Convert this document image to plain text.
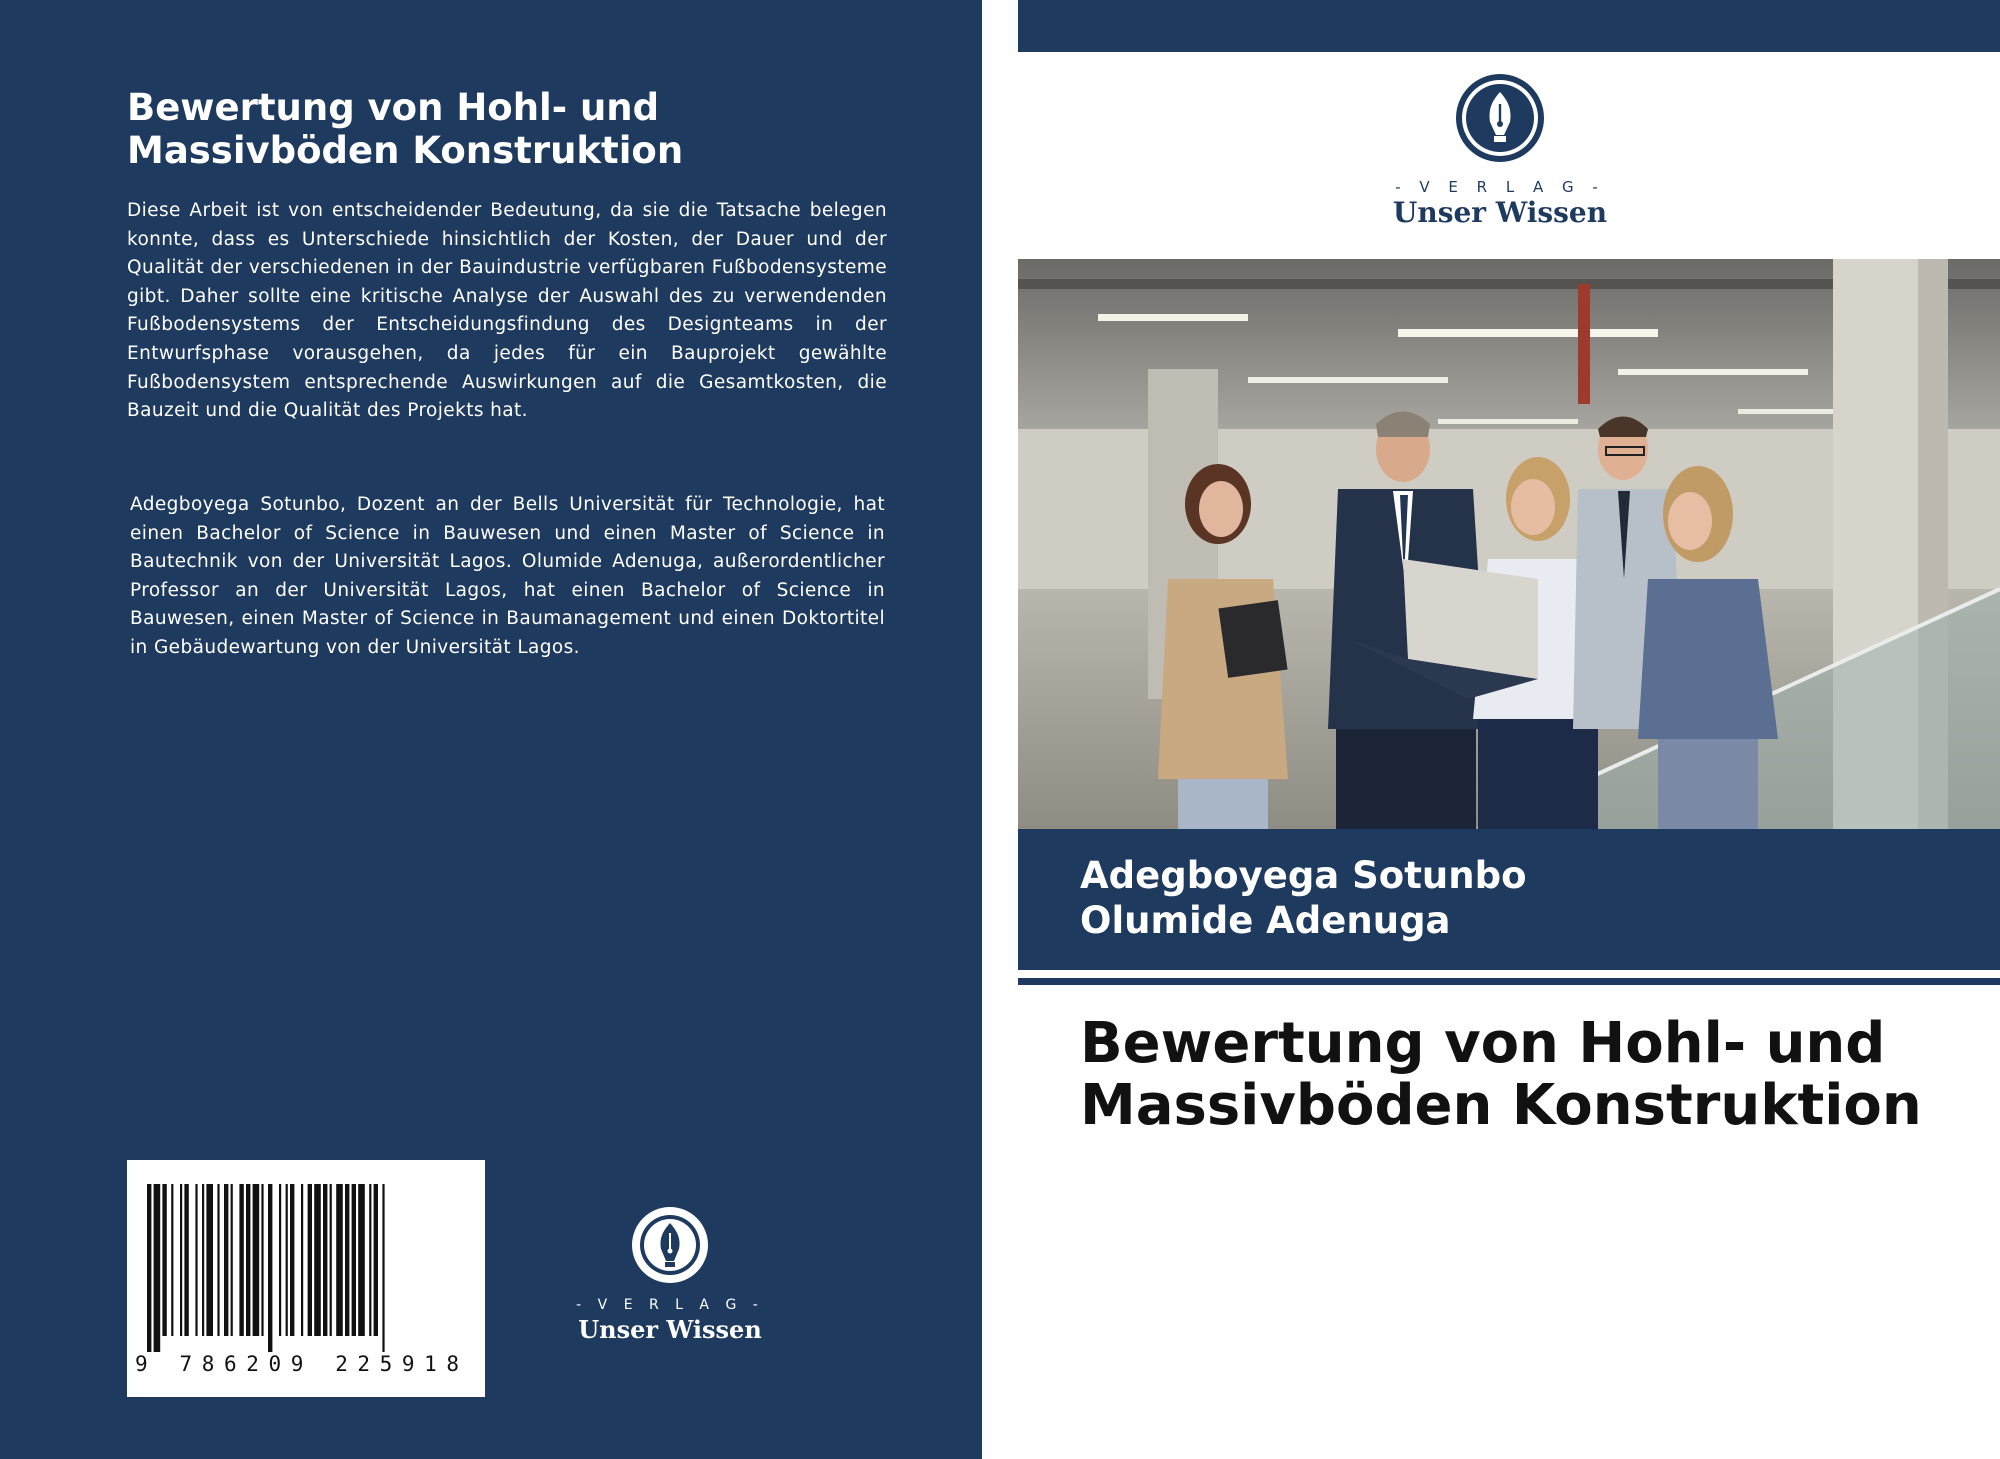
Bewertung von Hohl- und
Massivböden Konstruktion

Diese Arbeit ist von entscheidender Bedeutung, da sie die Tatsache belegen konnte, dass es Unterschiede hinsichtlich der Kosten, der Dauer und der Qualität der verschiedenen in der Bauindustrie verfügbaren Fußbodensysteme gibt. Daher sollte eine kritische Analyse der Auswahl des zu verwendenden Fußbodensystems der Entscheidungsfindung des Designteams in der Entwurfsphase vorausgehen, da jedes für ein Bauprojekt gewählte Fußbodensystem entsprechende Auswirkungen auf die Gesamtkosten, die Bauzeit und die Qualität des Projekts hat.

Adegboyega Sotunbo, Dozent an der Bells Universität für Technologie, hat einen Bachelor of Science in Bauwesen und einen Master of Science in Bautechnik von der Universität Lagos. Olumide Adenuga, außerordentlicher Professor an der Universität Lagos, hat einen Bachelor of Science in Bauwesen, einen Master of Science in Baumanagement und einen Doktortitel in Gebäudewartung von der Universität Lagos.

9 786209 225918
- V E R L A G -
Unser Wissen
- V E R L A G -
Unser Wissen
Adegboyega Sotunbo
Olumide Adenuga
Bewertung von Hohl- und
Massivböden Konstruktion
